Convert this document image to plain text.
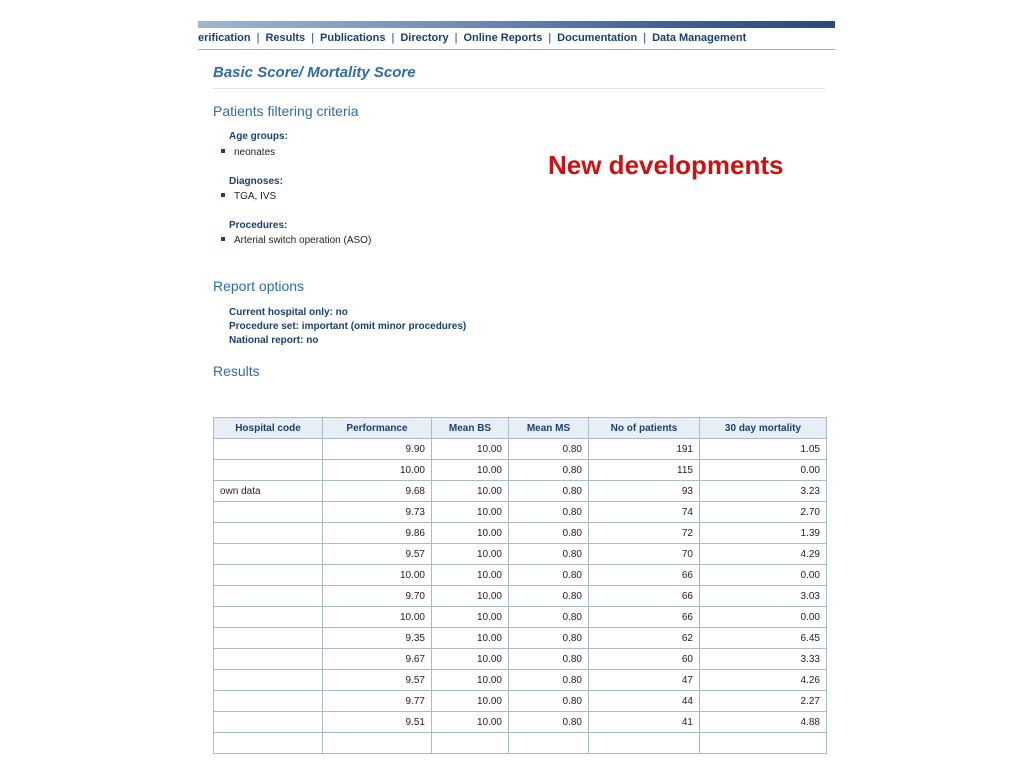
erification | Results | Publications | Directory | Online Reports | Documentation | Data Management
Basic Score/ Mortality Score
Patients filtering criteria
Age groups:
neonates
Diagnoses:
TGA, IVS
Procedures:
Arterial switch operation (ASO)
New developments
Report options
Current hospital only: no
Procedure set: important (omit minor procedures)
National report: no
Results
Hospital code	Performance	Mean BS	Mean MS	No of patients	30 day mortality
	9.90	10.00	0.80	191	1.05
	10.00	10.00	0.80	115	0.00
own data	9.68	10.00	0.80	93	3.23
	9.73	10.00	0.80	74	2.70
	9.86	10.00	0.80	72	1.39
	9.57	10.00	0.80	70	4.29
	10.00	10.00	0.80	66	0.00
	9.70	10.00	0.80	66	3.03
	10.00	10.00	0.80	66	0.00
	9.35	10.00	0.80	62	6.45
	9.67	10.00	0.80	60	3.33
	9.57	10.00	0.80	47	4.26
	9.77	10.00	0.80	44	2.27
	9.51	10.00	0.80	41	4.88
